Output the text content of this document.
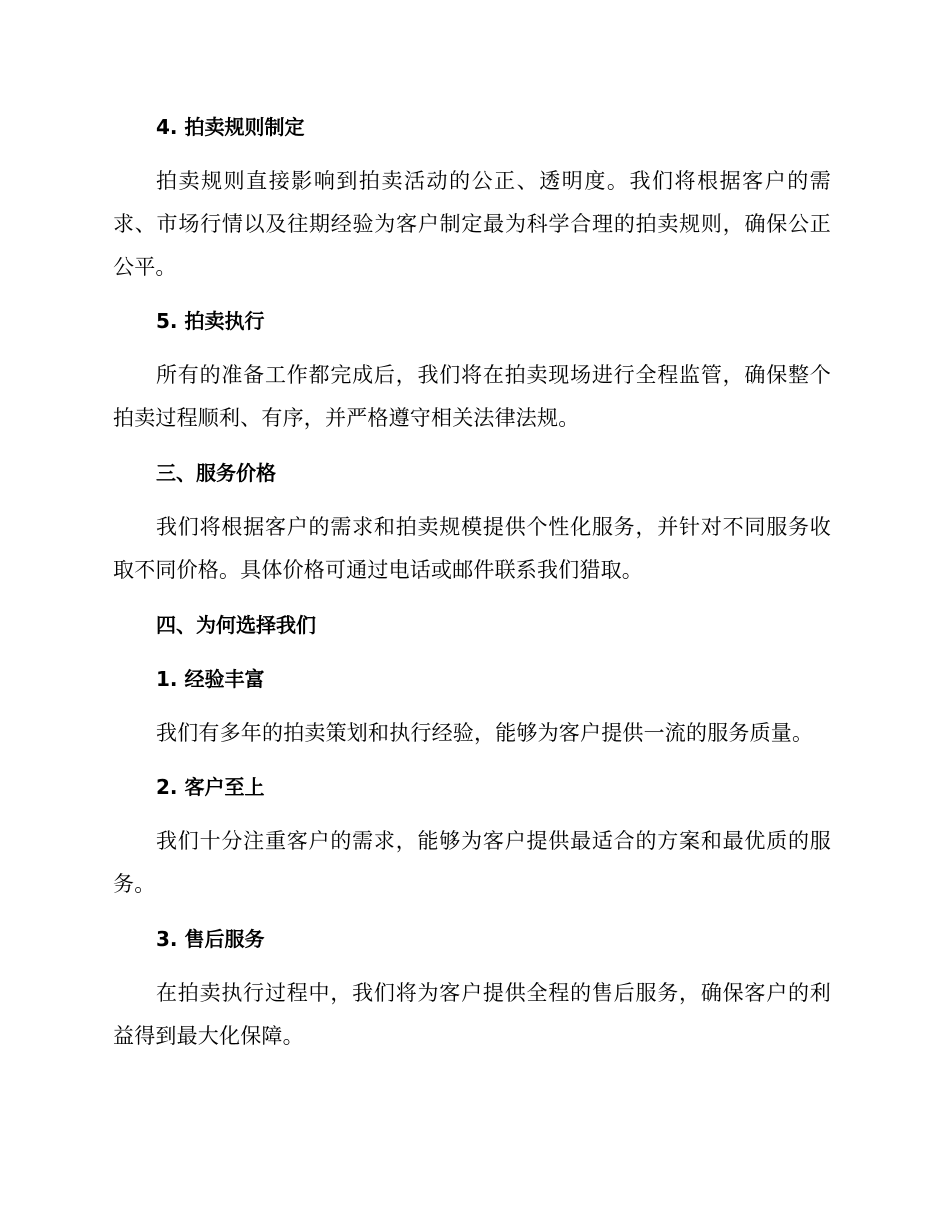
4. 拍卖规则制定

拍卖规则直接影响到拍卖活动的公正、透明度。我们将根据客户的需求、市场行情以及往期经验为客户制定最为科学合理的拍卖规则，确保公正公平。

5. 拍卖执行

所有的准备工作都完成后，我们将在拍卖现场进行全程监管，确保整个拍卖过程顺利、有序，并严格遵守相关法律法规。

三、服务价格

我们将根据客户的需求和拍卖规模提供个性化服务，并针对不同服务收取不同价格。具体价格可通过电话或邮件联系我们猎取。

四、为何选择我们

1. 经验丰富

我们有多年的拍卖策划和执行经验，能够为客户提供一流的服务质量。

2. 客户至上

我们十分注重客户的需求，能够为客户提供最适合的方案和最优质的服务。

3. 售后服务

在拍卖执行过程中，我们将为客户提供全程的售后服务，确保客户的利益得到最大化保障。
